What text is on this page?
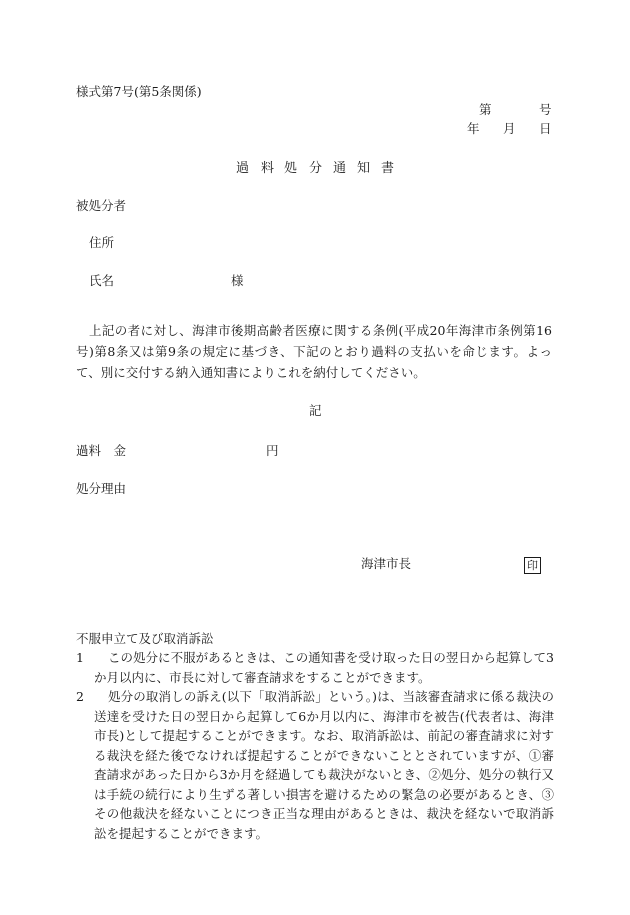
様式第7号(第5条関係)
第	号
年 月 日
過 料 処 分 通 知 書
被処分者
住所
氏名	様
上記の者に対し、海津市後期高齢者医療に関する条例(平成20年海津市条例第16号)第8条又は第9条の規定に基づき、下記のとおり過料の支払いを命じます。よって、別に交付する納入通知書によりこれを納付してください。
記
過料　金	円
処分理由
海津市長	印
不服申立て及び取消訴訟
1 この処分に不服があるときは、この通知書を受け取った日の翌日から起算して3か月以内に、市長に対して審査請求をすることができます。
2 処分の取消しの訴え(以下「取消訴訟」という。)は、当該審査請求に係る裁決の送達を受けた日の翌日から起算して6か月以内に、海津市を被告(代表者は、海津市長)として提起することができます。なお、取消訴訟は、前記の審査請求に対する裁決を経た後でなければ提起することができないこととされていますが、①審査請求があった日から3か月を経過しても裁決がないとき、②処分、処分の執行又は手続の続行により生ずる著しい損害を避けるための緊急の必要があるとき、③その他裁決を経ないことにつき正当な理由があるときは、裁決を経ないで取消訴訟を提起することができます。
